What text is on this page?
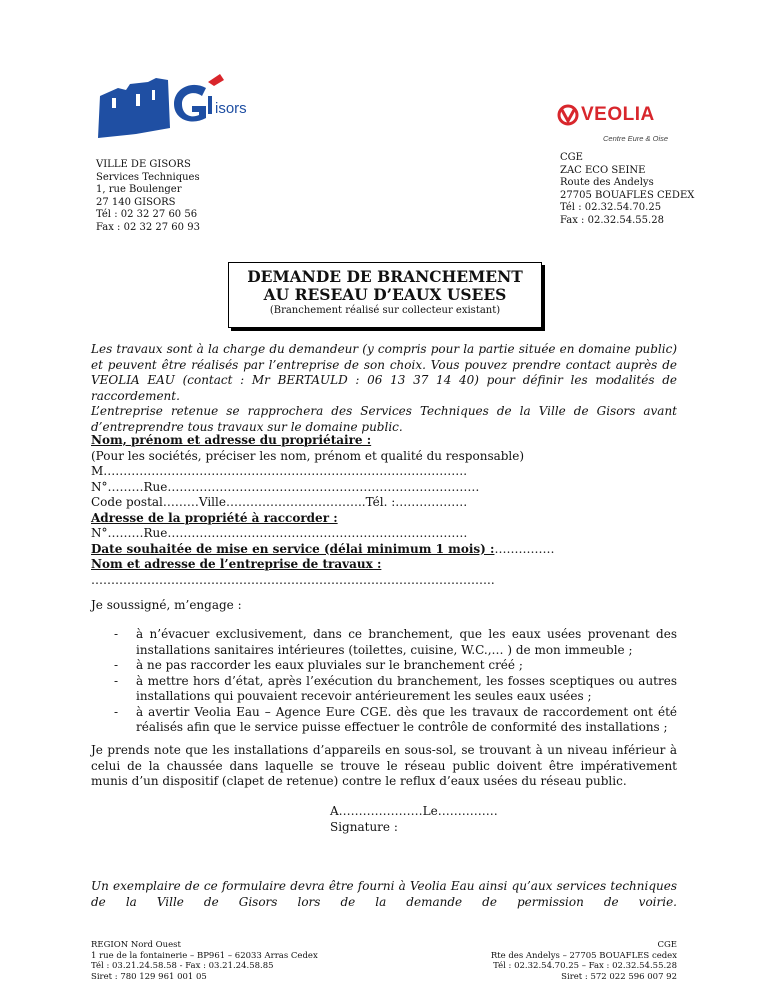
isors
VILLE DE GISORS
Services Techniques
1, rue Boulenger
27 140 GISORS
Tél : 02 32 27 60 56
Fax : 02 32 27 60 93
VEOLIA
Centre Eure & Oise
CGE
ZAC ECO SEINE
Route des Andelys
27705 BOUAFLES CEDEX
Tél : 02.32.54.70.25
Fax : 02.32.54.55.28
DEMANDE DE BRANCHEMENT
AU RESEAU D’EAUX USEES
(Branchement réalisé sur collecteur existant)
Les travaux sont à la charge du demandeur (y compris pour la partie située en domaine public) et peuvent être réalisés par l’entreprise de son choix. Vous pouvez prendre contact auprès de VEOLIA EAU (contact : Mr BERTAULD : 06 13 37 14 40) pour définir les modalités de raccordement.
L’entreprise retenue se rapprochera des Services Techniques de la Ville de Gisors avant d’entreprendre tous travaux sur le domaine public.
Nom, prénom et adresse du propriétaire :
(Pour les sociétés, préciser les nom, prénom et qualité du responsable)
M……………………………………………………………………………….
N°………Rue……………………………………………………………………
Code postal………Ville……………………………..Tél. :………………
Adresse de la propriété à raccorder :
N°………Rue…………………………………………………………………
Date souhaitée de mise en service (délai minimum 1 mois) :……………
Nom et adresse de l’entreprise de travaux :
………………………………………………………………………………………..
Je soussigné, m’engage :
- à n’évacuer exclusivement, dans ce branchement, que les eaux usées provenant des installations sanitaires intérieures (toilettes, cuisine, W.C.,… ) de mon immeuble ;
- à ne pas raccorder les eaux pluviales sur le branchement créé ;
- à mettre hors d’état, après l’exécution du branchement, les fosses sceptiques ou autres installations qui pouvaient recevoir antérieurement les seules eaux usées ;
- à avertir Veolia Eau – Agence Eure CGE. dès que les travaux de raccordement ont été réalisés afin que le service puisse effectuer le contrôle de conformité des installations ;
Je prends note que les installations d’appareils en sous-sol, se trouvant à un niveau inférieur à celui de la chaussée dans laquelle se trouve le réseau public doivent être impérativement munis d’un dispositif (clapet de retenue) contre le reflux d’eaux usées du réseau public.
A…………………Le……………
Signature :
Un exemplaire de ce formulaire devra être fourni à Veolia Eau ainsi qu’aux services techniques de la Ville de Gisors lors de la demande de permission de voirie.
REGION Nord Ouest
1 rue de la fontainerie – BP961 – 62033 Arras Cedex
Tél : 03.21.24.58.58 - Fax : 03.21.24.58.85
Siret : 780 129 961 001 05
CGE
Rte des Andelys – 27705 BOUAFLES cedex
Tél : 02.32.54.70.25 – Fax : 02.32.54.55.28
Siret : 572 022 596 007 92
